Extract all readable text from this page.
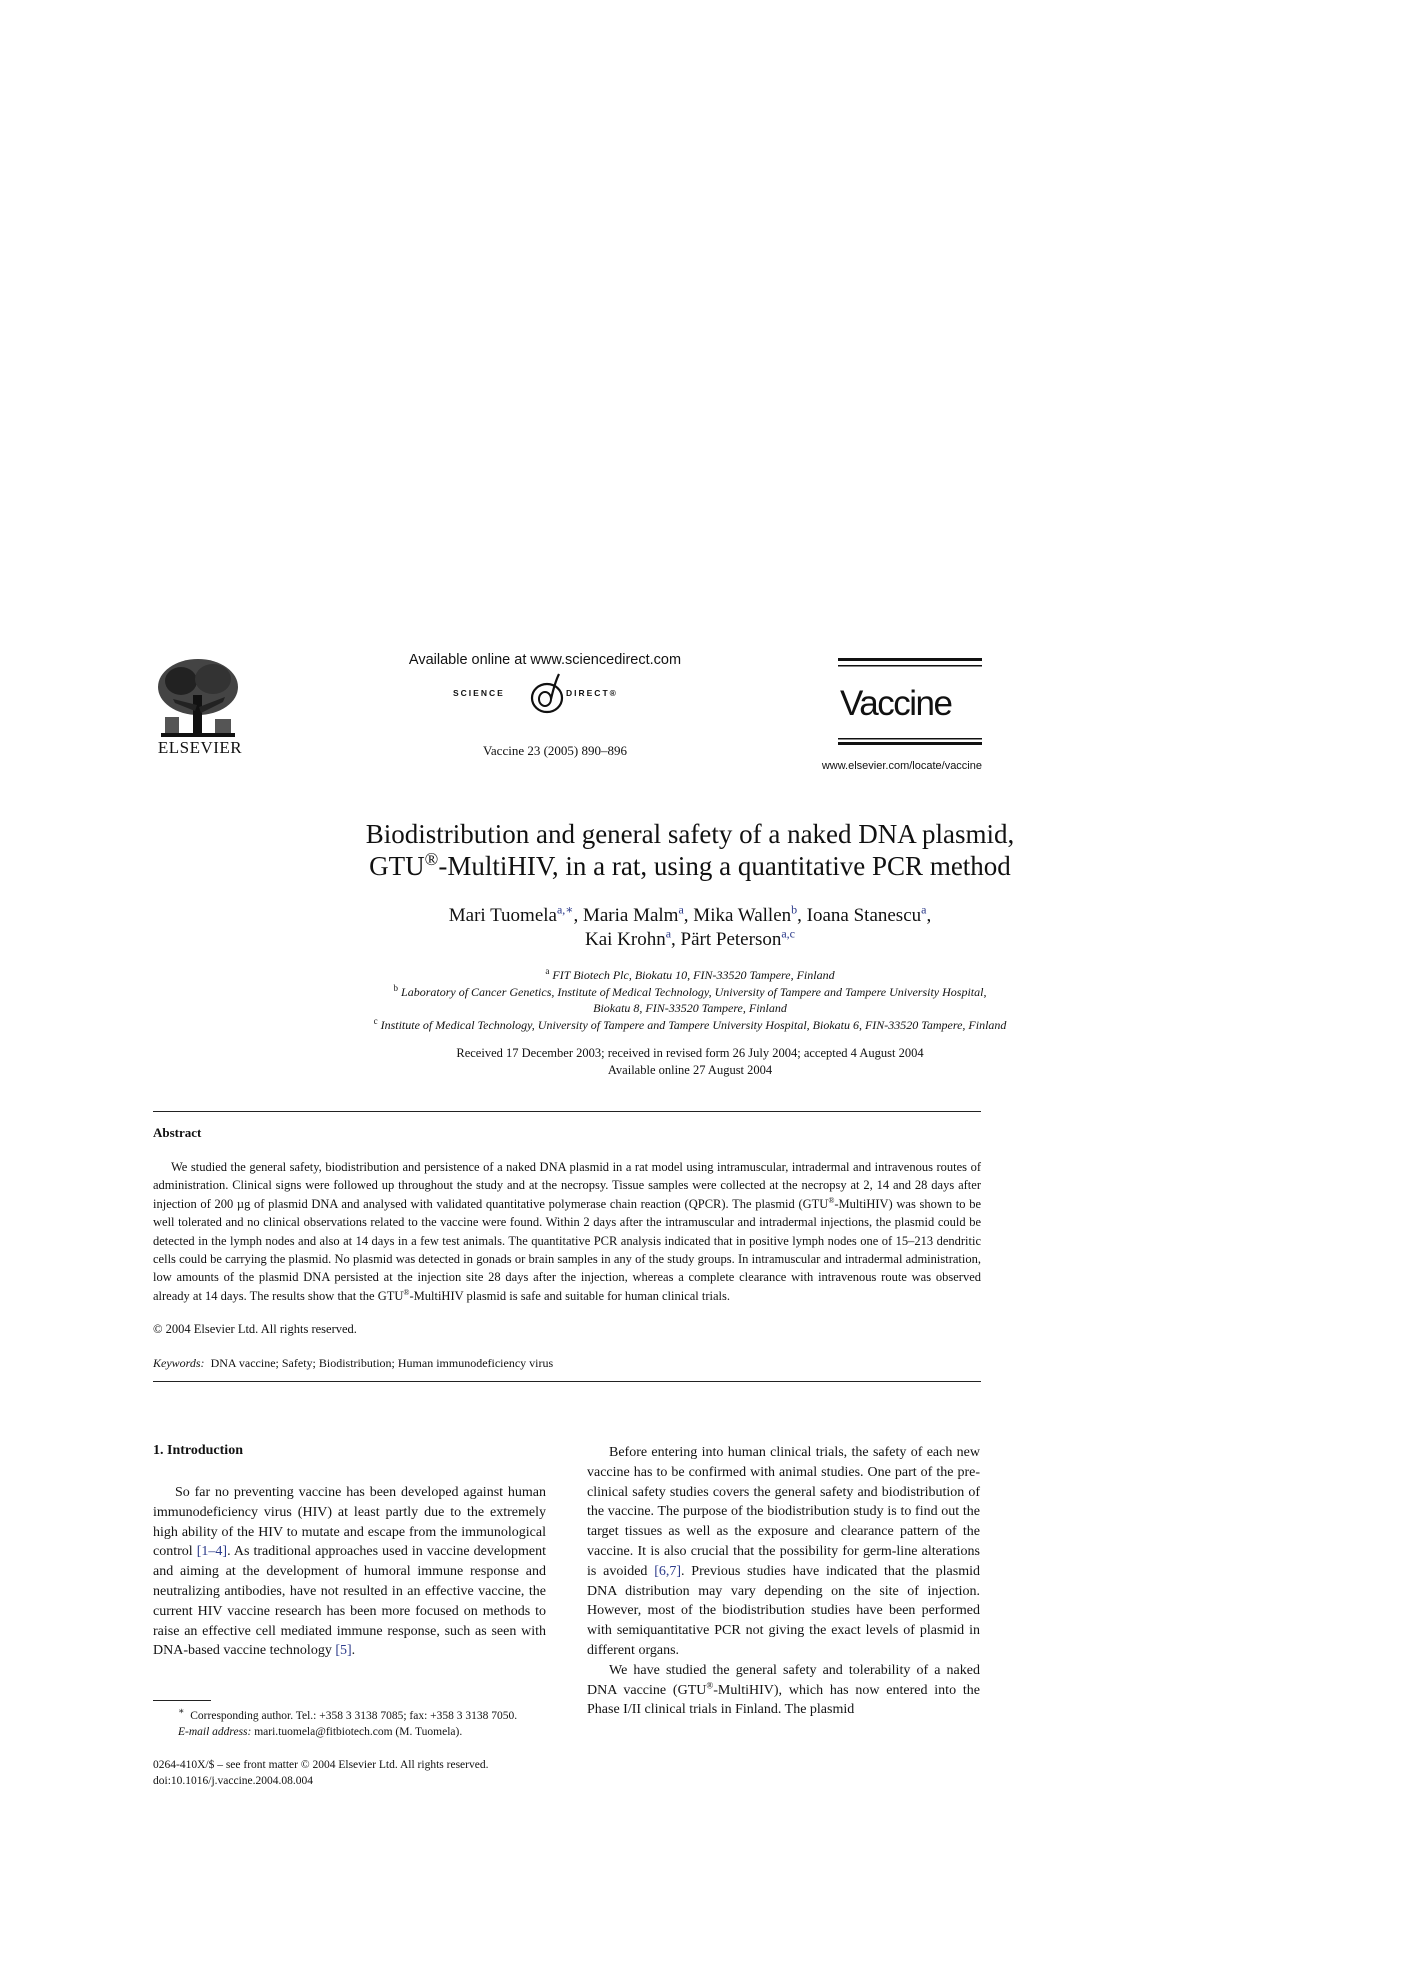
ELSEVIER
Available online at www.sciencedirect.com
SCIENCE	DIRECT®
Vaccine 23 (2005) 890–896
Vaccine
www.elsevier.com/locate/vaccine
Biodistribution and general safety of a naked DNA plasmid,
GTU®-MultiHIV, in a rat, using a quantitative PCR method
Mari Tuomela$^{a,∗}$, Maria Malm$^a$, Mika Wallen$^b$, Ioana Stanescu$^a$,
Kai Krohn$^a$, Pärt Peterson$^{a,c}$
$^a$ FIT Biotech Plc, Biokatu 10, FIN-33520 Tampere, Finland
$^b$ Laboratory of Cancer Genetics, Institute of Medical Technology, University of Tampere and Tampere University Hospital,
Biokatu 8, FIN-33520 Tampere, Finland
$^c$ Institute of Medical Technology, University of Tampere and Tampere University Hospital, Biokatu 6, FIN-33520 Tampere, Finland
Received 17 December 2003; received in revised form 26 July 2004; accepted 4 August 2004
Available online 27 August 2004
Abstract

We studied the general safety, biodistribution and persistence of a naked DNA plasmid in a rat model using intramuscular, intradermal and intravenous routes of administration. Clinical signs were followed up throughout the study and at the necropsy. Tissue samples were collected at the necropsy at 2, 14 and 28 days after injection of 200 µg of plasmid DNA and analysed with validated quantitative polymerase chain reaction (QPCR). The plasmid (GTU®-MultiHIV) was shown to be well tolerated and no clinical observations related to the vaccine were found. Within 2 days after the intramuscular and intradermal injections, the plasmid could be detected in the lymph nodes and also at 14 days in a few test animals. The quantitative PCR analysis indicated that in positive lymph nodes one of 15–213 dendritic cells could be carrying the plasmid. No plasmid was detected in gonads or brain samples in any of the study groups. In intramuscular and intradermal administration, low amounts of the plasmid DNA persisted at the injection site 28 days after the injection, whereas a complete clearance with intravenous route was observed already at 14 days. The results show that the GTU®-MultiHIV plasmid is safe and suitable for human clinical trials.

© 2004 Elsevier Ltd. All rights reserved.
Keywords: DNA vaccine; Safety; Biodistribution; Human immunodeficiency virus
1. Introduction

So far no preventing vaccine has been developed against human immunodeficiency virus (HIV) at least partly due to the extremely high ability of the HIV to mutate and escape from the immunological control [1–4]. As traditional approaches used in vaccine development and aiming at the development of humoral immune response and neutralizing antibodies, have not resulted in an effective vaccine, the current HIV vaccine research has been more focused on methods to raise an effective cell mediated immune response, such as seen with DNA-based vaccine technology [5].

Before entering into human clinical trials, the safety of each new vaccine has to be confirmed with animal studies. One part of the pre-clinical safety studies covers the general safety and biodistribution of the vaccine. The purpose of the biodistribution study is to find out the target tissues as well as the exposure and clearance pattern of the vaccine. It is also crucial that the possibility for germ-line alterations is avoided [6,7]. Previous studies have indicated that the plasmid DNA distribution may vary depending on the site of injection. However, most of the biodistribution studies have been performed with semiquantitative PCR not giving the exact levels of plasmid in different organs.

We have studied the general safety and tolerability of a naked DNA vaccine (GTU®-MultiHIV), which has now entered into the Phase I/II clinical trials in Finland. The plasmid

∗ Corresponding author. Tel.: +358 3 3138 7085; fax: +358 3 3138 7050.
E-mail address: mari.tuomela@fitbiotech.com (M. Tuomela).
0264-410X/$ – see front matter © 2004 Elsevier Ltd. All rights reserved.
doi:10.1016/j.vaccine.2004.08.004
